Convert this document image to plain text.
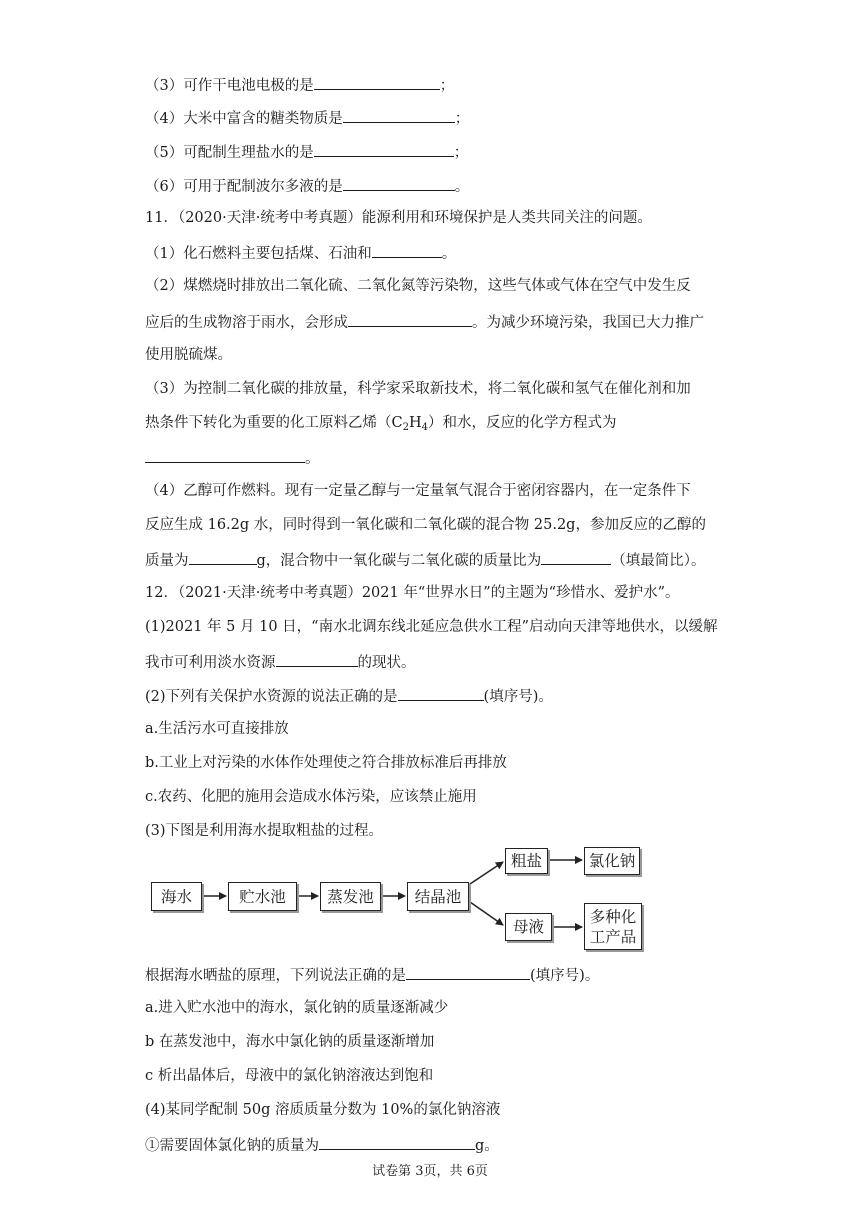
（3）可作干电池电极的是	；
（4）大米中富含的糖类物质是	；
（5）可配制生理盐水的是	；
（6）可用于配制波尔多液的是	。
11．（2020·天津·统考中考真题）能源利用和环境保护是人类共同关注的问题。
（1）化石燃料主要包括煤、石油和	。
（2）煤燃烧时排放出二氧化硫、二氧化氮等污染物，这些气体或气体在空气中发生反
应后的生成物溶于雨水，会形成	。为减少环境污染，我国已大力推广
使用脱硫煤。
（3）为控制二氧化碳的排放量，科学家采取新技术，将二氧化碳和氢气在催化剂和加
热条件下转化为重要的化工原料乙烯$(C_2H_4)$和水，反应的化学方程式为
。
（4）乙醇可作燃料。现有一定量乙醇与一定量氧气混合于密闭容器内，在一定条件下
反应生成 16.2g 水，同时得到一氧化碳和二氧化碳的混合物 25.2g，参加反应的乙醇的
质量为	g，混合物中一氧化碳与二氧化碳的质量比为	（填最简比）。
12．（2021·天津·统考中考真题）2021 年“世界水日”的主题为“珍惜水、爱护水”。
(1)2021 年 5 月 10 日，“南水北调东线北延应急供水工程”启动向天津等地供水，以缓解
我市可利用淡水资源	的现状。
(2)下列有关保护水资源的说法正确的是	(填序号)。
a.生活污水可直接排放
b.工业上对污染的水体作处理使之符合排放标准后再排放
c.农药、化肥的施用会造成水体污染，应该禁止施用
(3)下图是利用海水提取粗盐的过程。
海水	贮水池	蒸发池	结晶池
粗盐	氯化钠
母液
多种化
工产品
根据海水晒盐的原理，下列说法正确的是	(填序号)。
a.进入贮水池中的海水，氯化钠的质量逐渐减少
b 在蒸发池中，海水中氯化钠的质量逐渐增加
c 析出晶体后，母液中的氯化钠溶液达到饱和
(4)某同学配制 50g 溶质质量分数为 10%的氯化钠溶液
①需要固体氯化钠的质量为	g。
试卷第 3页，共 6页
